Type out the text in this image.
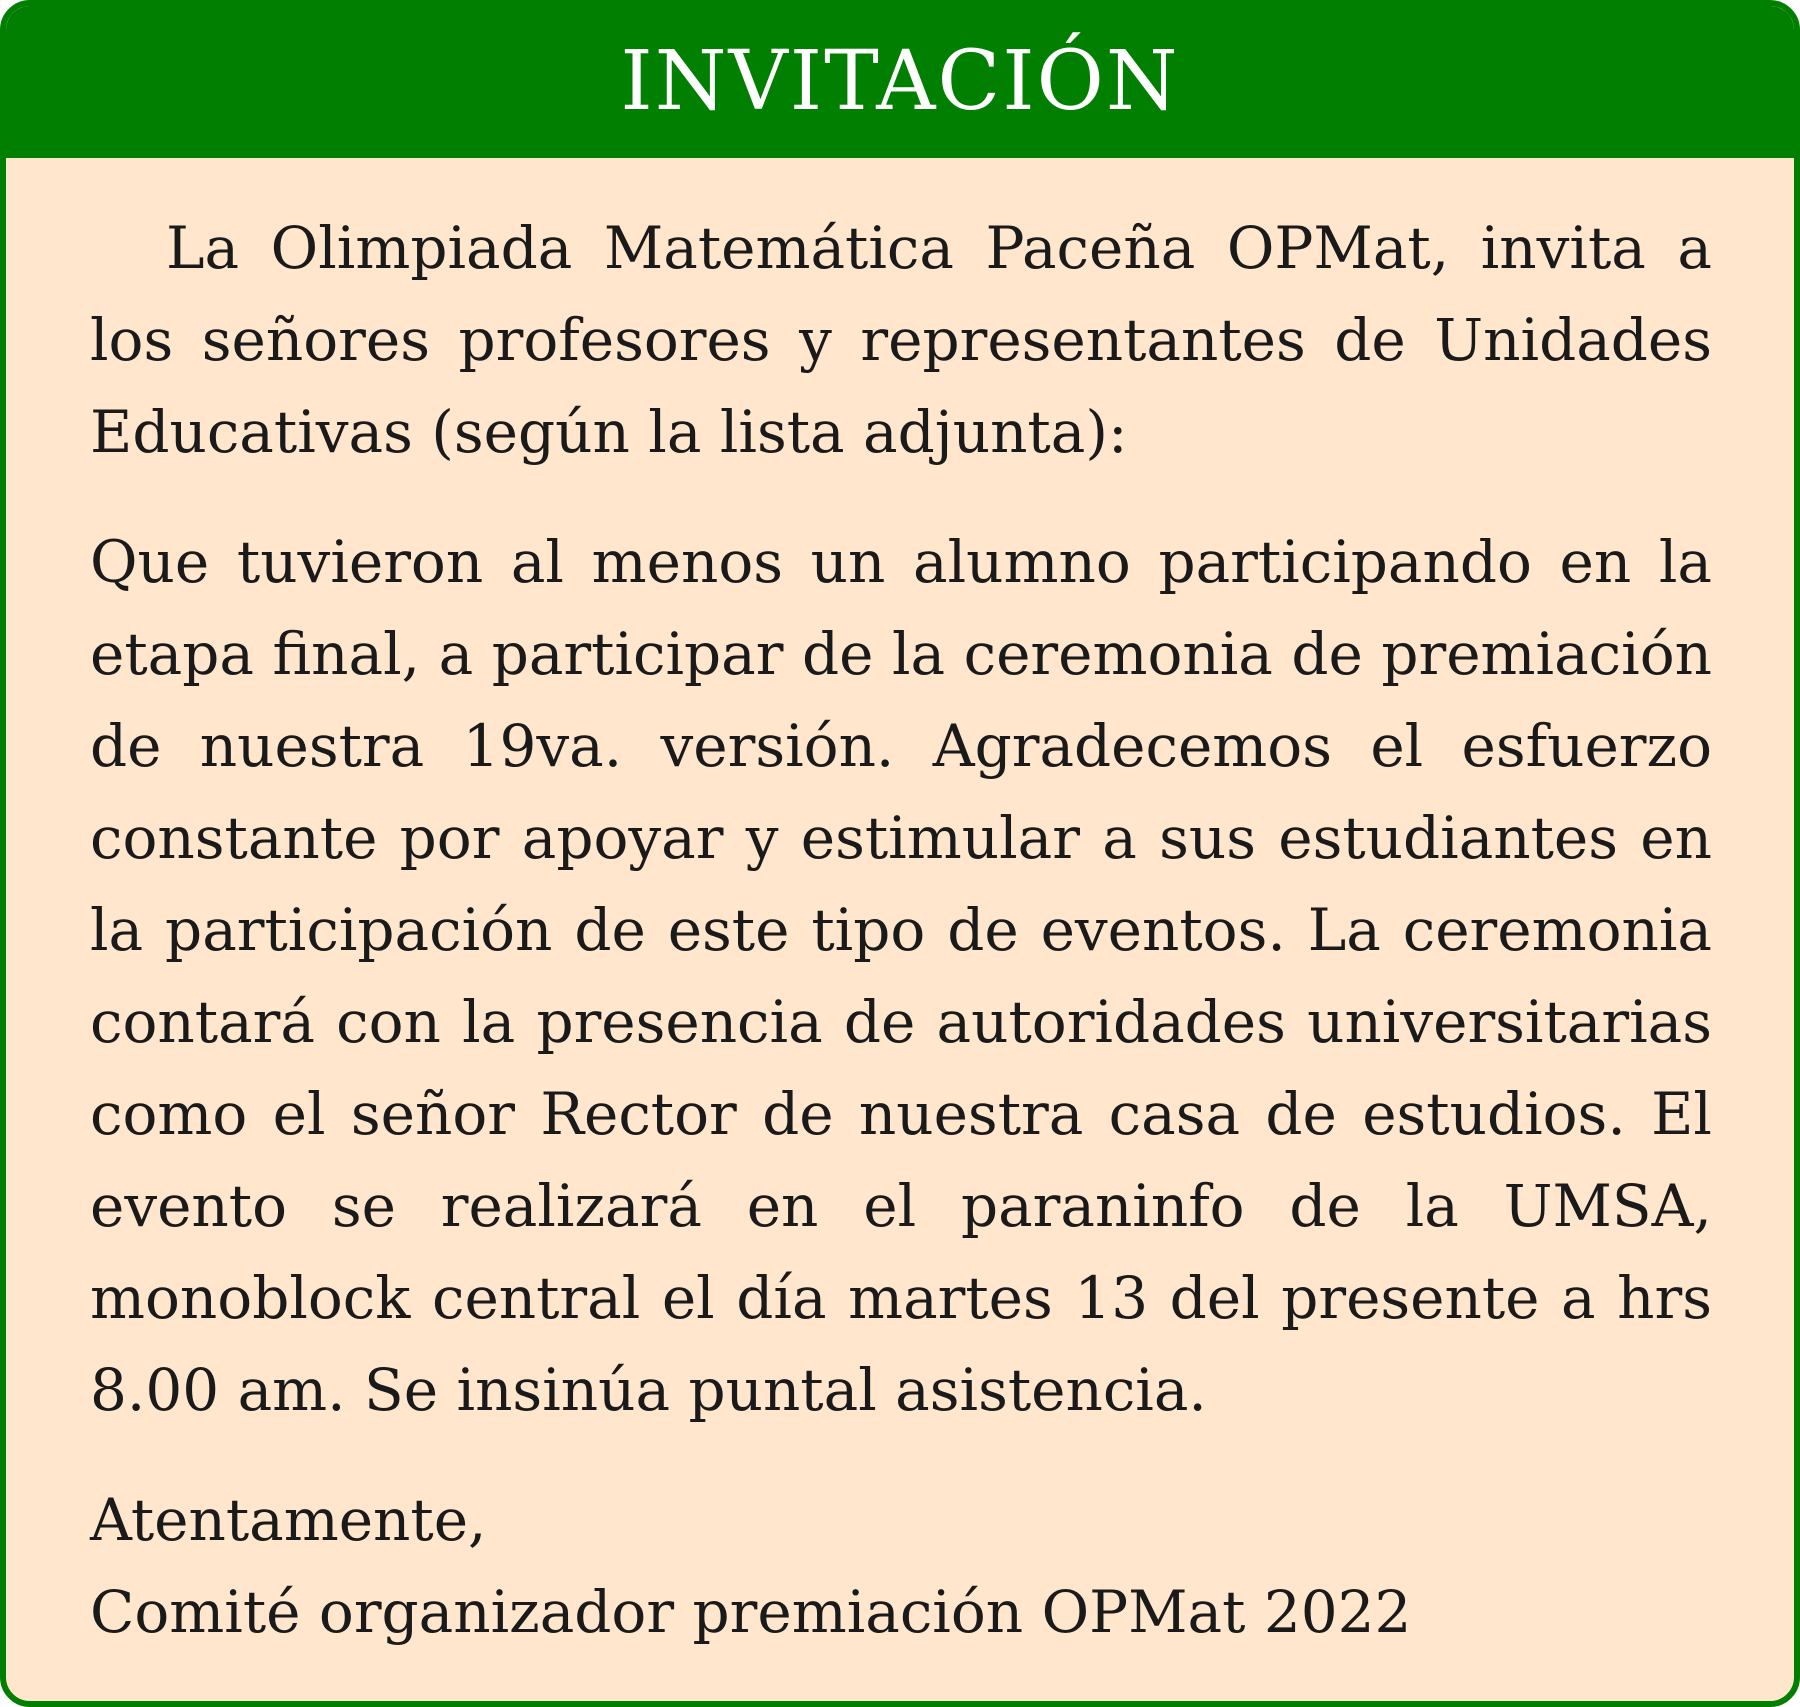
INVITACIÓN

La Olimpiada Matemática Paceña OPMat, invita a los señores profesores y representantes de Unidades Educativas (según la lista adjunta):

Que tuvieron al menos un alumno participando en la etapa final, a participar de la ceremonia de premiación de nuestra 19va. versión. Agradecemos el esfuerzo constante por apoyar y estimular a sus estudiantes en la participación de este tipo de eventos. La ceremonia contará con la presencia de autoridades universitarias como el señor Rector de nuestra casa de estudios. El evento se realizará en el paraninfo de la UMSA, monoblock central el día martes 13 del presente a hrs 8.00 am. Se insinúa puntal asistencia.

Atentamente,
Comité organizador premiación OPMat 2022
